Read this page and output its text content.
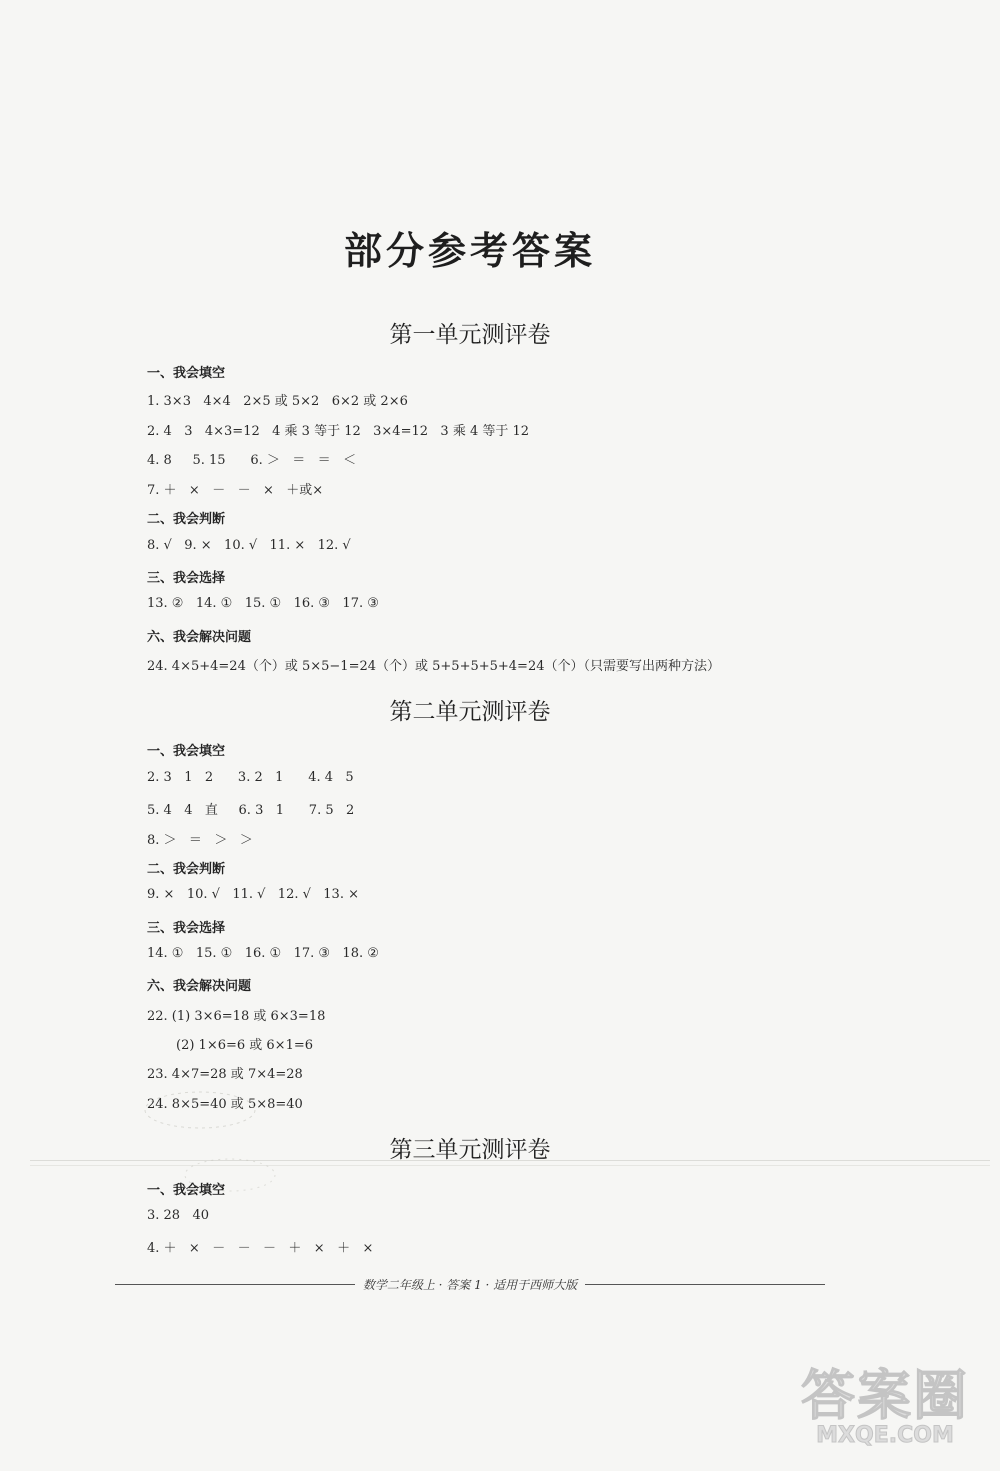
部分参考答案
第一单元测评卷
一、我会填空
1. 3×3   4×4   2×5 或 5×2   6×2 或 2×6
2. 4   3   4×3=12   4 乘 3 等于 12   3×4=12   3 乘 4 等于 12
4. 8     5. 15      6. ＞   ＝   ＝   ＜
7. ＋   ×   －   －   ×   ＋或×
二、我会判断
8. √   9. ×   10. √   11. ×   12. √
三、我会选择
13. ②   14. ①   15. ①   16. ③   17. ③
六、我会解决问题
24. 4×5+4=24（个）或 5×5−1=24（个）或 5+5+5+5+4=24（个）（只需要写出两种方法）
第二单元测评卷
一、我会填空
2. 3   1   2      3. 2   1      4. 4   5
5. 4   4   直     6. 3   1      7. 5   2
8. ＞   ＝   ＞   ＞
二、我会判断
9. ×   10. √   11. √   12. √   13. ×
三、我会选择
14. ①   15. ①   16. ①   17. ③   18. ②
六、我会解决问题
22. (1) 3×6=18 或 6×3=18
(2) 1×6=6 或 6×1=6
23. 4×7=28 或 7×4=28
24. 8×5=40 或 5×8=40
第三单元测评卷
一、我会填空
3. 28   40
4. ＋   ×   －   －   －   ＋   ×   ＋   ×
数学二年级上 · 答案 1 · 适用于西师大版
答案圈
MXQE.COM
